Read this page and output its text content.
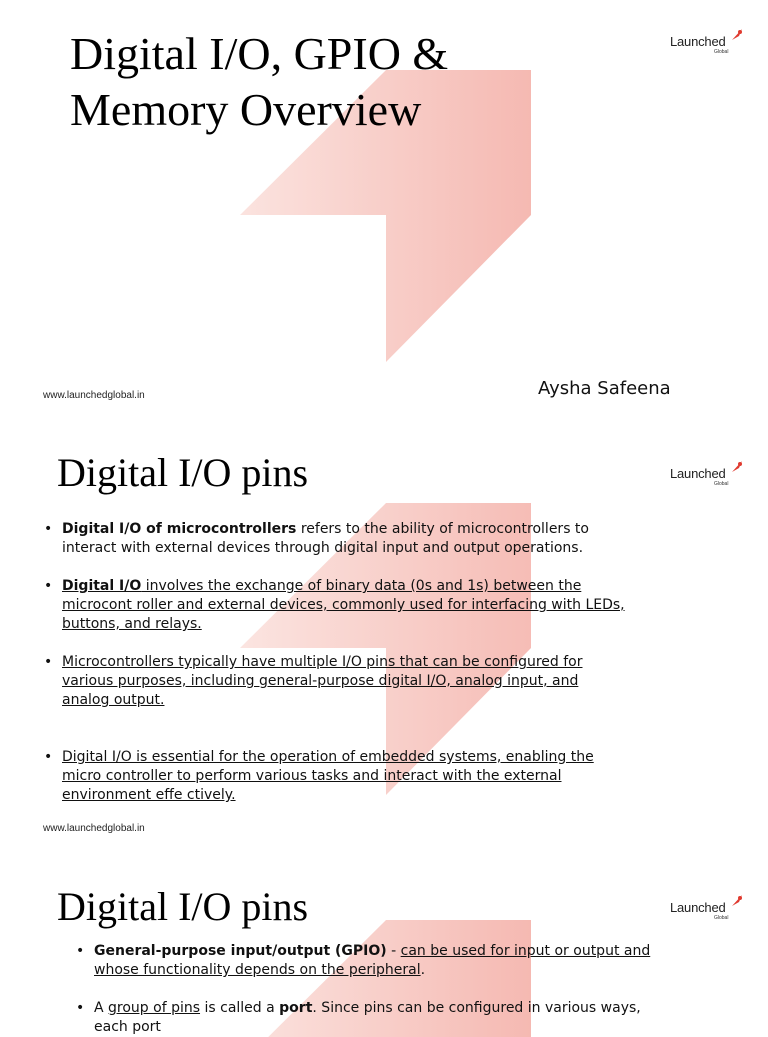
Digital I/O, GPIO &
Memory Overview
Launched
Global
www.launchedglobal.in	Aysha Safeena
Digital I/O pins	Launched
Global
• Digital I/O of microcontrollers refers to the ability of microcontrollers to interact with external devices through digital input and output operations.
• Digital I/O involves the exchange of binary data (0s and 1s) between the microcont roller and external devices, commonly used for interfacing with LEDs, buttons, and relays.
• Microcontrollers typically have multiple I/O pins that can be configured for various purposes, including general-purpose digital I/O, analog input, and analog output.
• Digital I/O is essential for the operation of embedded systems, enabling the micro controller to perform various tasks and interact with the external environment effe ctively.
www.launchedglobal.in
Digital I/O pins	Launched
Global
• General-purpose input/output (GPIO) - can be used for input or output and whose functionality depends on the peripheral.
• A group of pins is called a port. Since pins can be configured in various ways, each port
